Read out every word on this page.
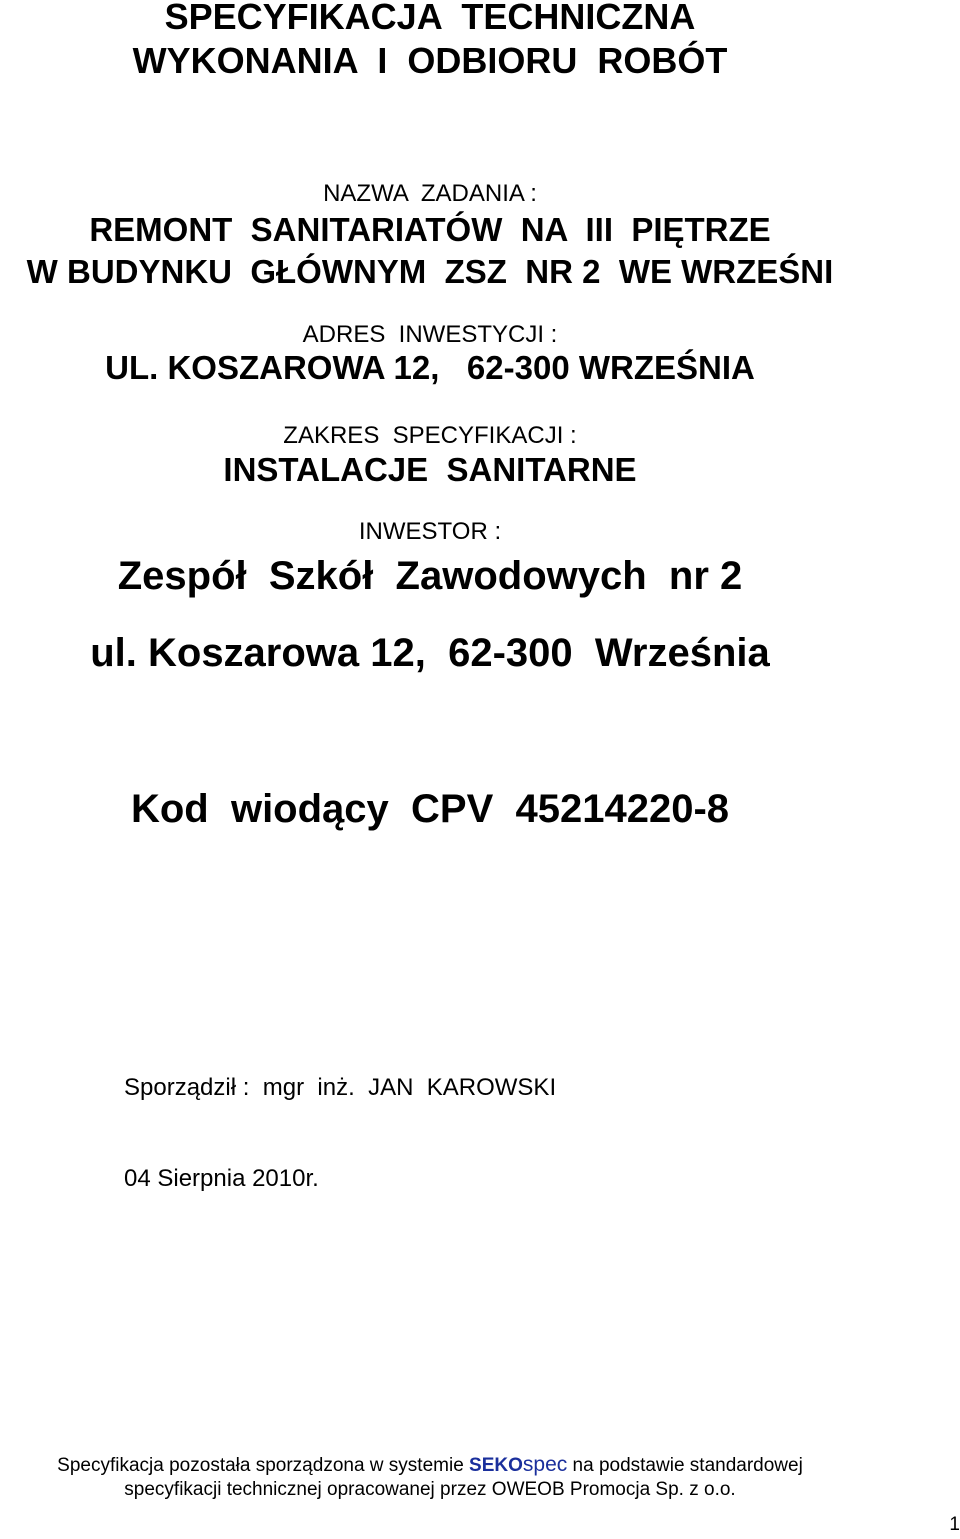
SPECYFIKACJA  TECHNICZNA
WYKONANIA  I  ODBIORU  ROBÓT
NAZWA  ZADANIA :
REMONT  SANITARIATÓW  NA  III  PIĘTRZE
W BUDYNKU  GŁÓWNYM  ZSZ  NR 2  WE WRZEŚNI
ADRES  INWESTYCJI :
UL. KOSZAROWA 12,   62-300 WRZEŚNIA
ZAKRES  SPECYFIKACJI :
INSTALACJE  SANITARNE
INWESTOR :
Zespół  Szkół  Zawodowych  nr 2
ul. Koszarowa 12,  62-300  Września
Kod  wiodący  CPV  45214220-8
Sporządził :  mgr  inż.  JAN  KAROWSKI
04 Sierpnia 2010r.
Specyfikacja pozostała sporządzona w systemie SEKOspec na podstawie standardowej
specyfikacji technicznej opracowanej przez OWEOB Promocja Sp. z o.o.
1
